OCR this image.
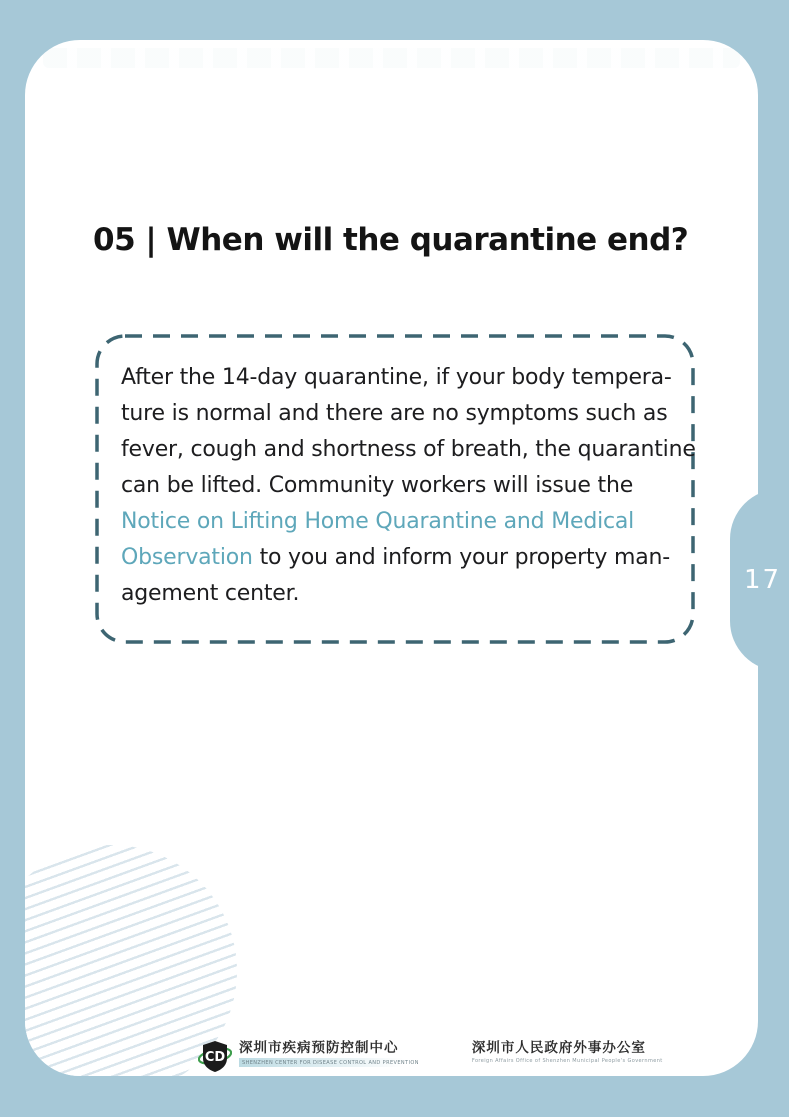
05 | When will the quarantine end?
After the 14-day quarantine, if your body tempera-
ture is normal and there are no symptoms such as
fever, cough and shortness of breath, the quarantine
can be lifted. Community workers will issue the
Notice on Lifting Home Quarantine and Medical
Observation to you and inform your property man-
agement center.
CD
深圳市疾病预防控制中心
SHENZHEN CENTER FOR DISEASE CONTROL AND PREVENTION
深圳市人民政府外事办公室
Foreign Affairs Office of Shenzhen Municipal People's Government
17
